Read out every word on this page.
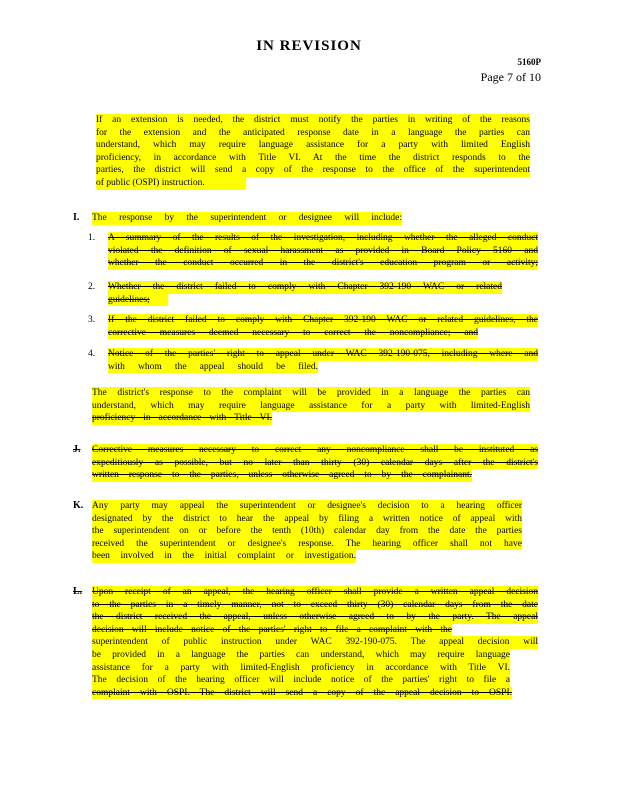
IN REVISION
5160P
Page 7 of 10
If an extension is needed, the district must notify the parties in writing of the reasons
for the extension and the anticipated response date in a language the parties can
understand, which may require language assistance for a party with limited English
proficiency, in accordance with Title VI. At the time the district responds to the
parties, the district will send a copy of the response to the office of the superintendent
of public (OSPI) instruction.
I. The response by the superintendent or designee will include:
1. A summary of the results of the investigation, including whether the alleged conduct
violated the definition of sexual harassment as provided in Board Policy 5160 and
whether the conduct occurred in the district's education program or activity;
2. Whether the district failed to comply with Chapter 392-190 WAC or related
guidelines;
3. If the district failed to comply with Chapter 392-190 WAC or related guidelines, the
corrective measures deemed necessary to correct the noncompliance; and
4. Notice of the parties' right to appeal under WAC 392-190-075, including where and
with whom the appeal should be filed.
The district's response to the complaint will be provided in a language the parties can
understand, which may require language assistance for a party with limited-English
proficiency in accordance with Title VI.
J. Corrective measures necessary to correct any noncompliance shall be instituted as
expeditiously as possible, but no later than thirty (30) calendar days after the district's
written response to the parties, unless otherwise agreed to by the complainant.
K. Any party may appeal the superintendent or designee's decision to a hearing officer
designated by the district to hear the appeal by filing a written notice of appeal with
the superintendent on or before the tenth (10th) calendar day from the date the parties
received the superintendent or designee's response. The hearing officer shall not have
been involved in the initial complaint or investigation.
L. Upon receipt of an appeal, the hearing officer shall provide a written appeal decision
to the parties in a timely manner, not to exceed thirty (30) calendar days from the date
the district received the appeal, unless otherwise agreed to by the party. The appeal
decision will include notice of the parties' right to file a complaint with the
superintendent of public instruction under WAC 392-190-075. The appeal decision will
be provided in a language the parties can understand, which may require language
assistance for a party with limited-English proficiency in accordance with Title VI.
The decision of the hearing officer will include notice of the parties' right to file a
complaint with OSPI. The district will send a copy of the appeal decision to OSPI.
